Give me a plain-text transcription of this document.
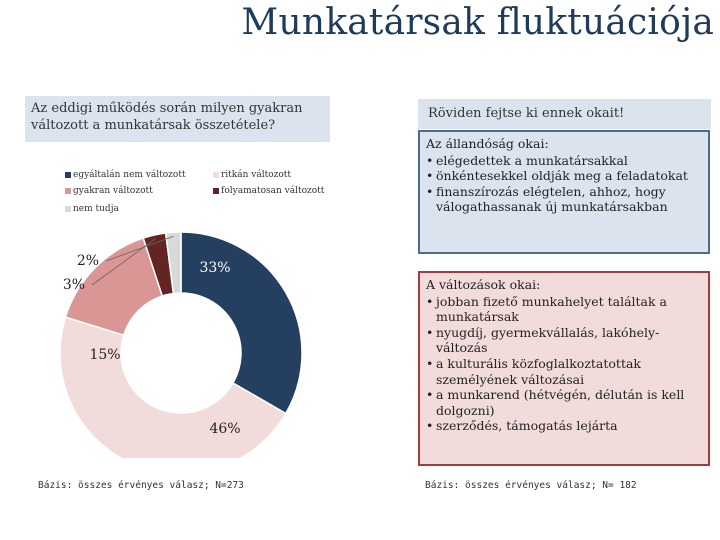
Munkatársak fluktuációja
Az eddigi működés során milyen gyakran változott a munkatársak összetétele?
egyáltalán nem változott	ritkán változott
gyakran változott	folyamatosan változott
nem tudja
33%
46%
15%
3%
2%
Bázis: összes érvényes válasz; N=273
Röviden fejtse ki ennek okait!
Az állandóság okai:
• elégedettek a munkatársakkal
• önkéntesekkel oldják meg a feladatokat
• finanszírozás elégtelen, ahhoz, hogy válogathassanak új munkatársakban
A változások okai:
• jobban fizető munkahelyet találtak a munkatársak
• nyugdíj, gyermekvállalás, lakóhely-változás
• a kulturális közfoglalkoztatottak személyének változásai
• a munkarend (hétvégén, délután is kell dolgozni)
• szerződés, támogatás lejárta
Bázis: összes érvényes válasz; N= 182
